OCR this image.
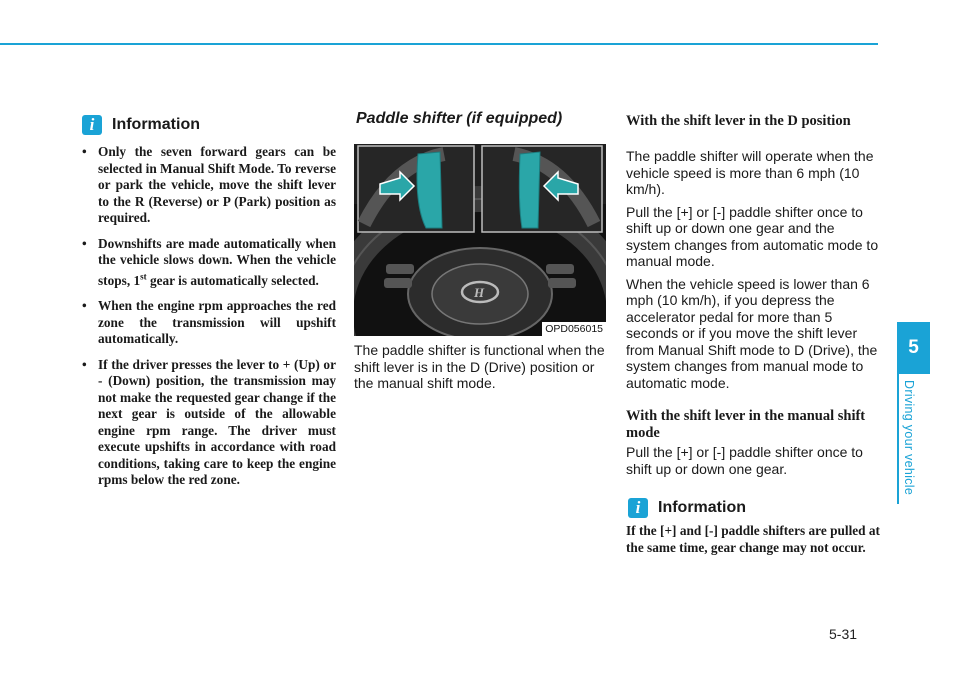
5
Driving your vehicle
5-31
i	Information
• Only the seven forward gears can be selected in Manual Shift Mode. To reverse or park the vehicle, move the shift lever to the R (Reverse) or P (Park) position as required.
• Downshifts are made automatically when the vehicle slows down. When the vehicle stops, 1st gear is automatically selected.
• When the engine rpm approaches the red zone the transmission will upshift automatically.
• If the driver presses the lever to + (Up) or - (Down) position, the transmission may not make the requested gear change if the next gear is outside of the allowable engine rpm range. The driver must execute upshifts in accordance with road conditions, taking care to keep the engine rpms below the red zone.
Paddle shifter (if equipped)
H
OPD056015

The paddle shifter is functional when the shift lever is in the D (Drive) position or the manual shift mode.

With the shift lever in the D position

The paddle shifter will operate when the vehicle speed is more than 6 mph (10 km/h).

Pull the [+] or [-] paddle shifter once to shift up or down one gear and the system changes from automatic mode to manual mode.

When the vehicle speed is lower than 6 mph (10 km/h), if you depress the accelerator pedal for more than 5 seconds or if you move the shift lever from Manual Shift mode to D (Drive), the system changes from manual mode to automatic mode.

With the shift lever in the manual shift mode

Pull the [+] or [-] paddle shifter once to shift up or down one gear.

i	Information
If the [+] and [-] paddle shifters are pulled at the same time, gear change may not occur.
